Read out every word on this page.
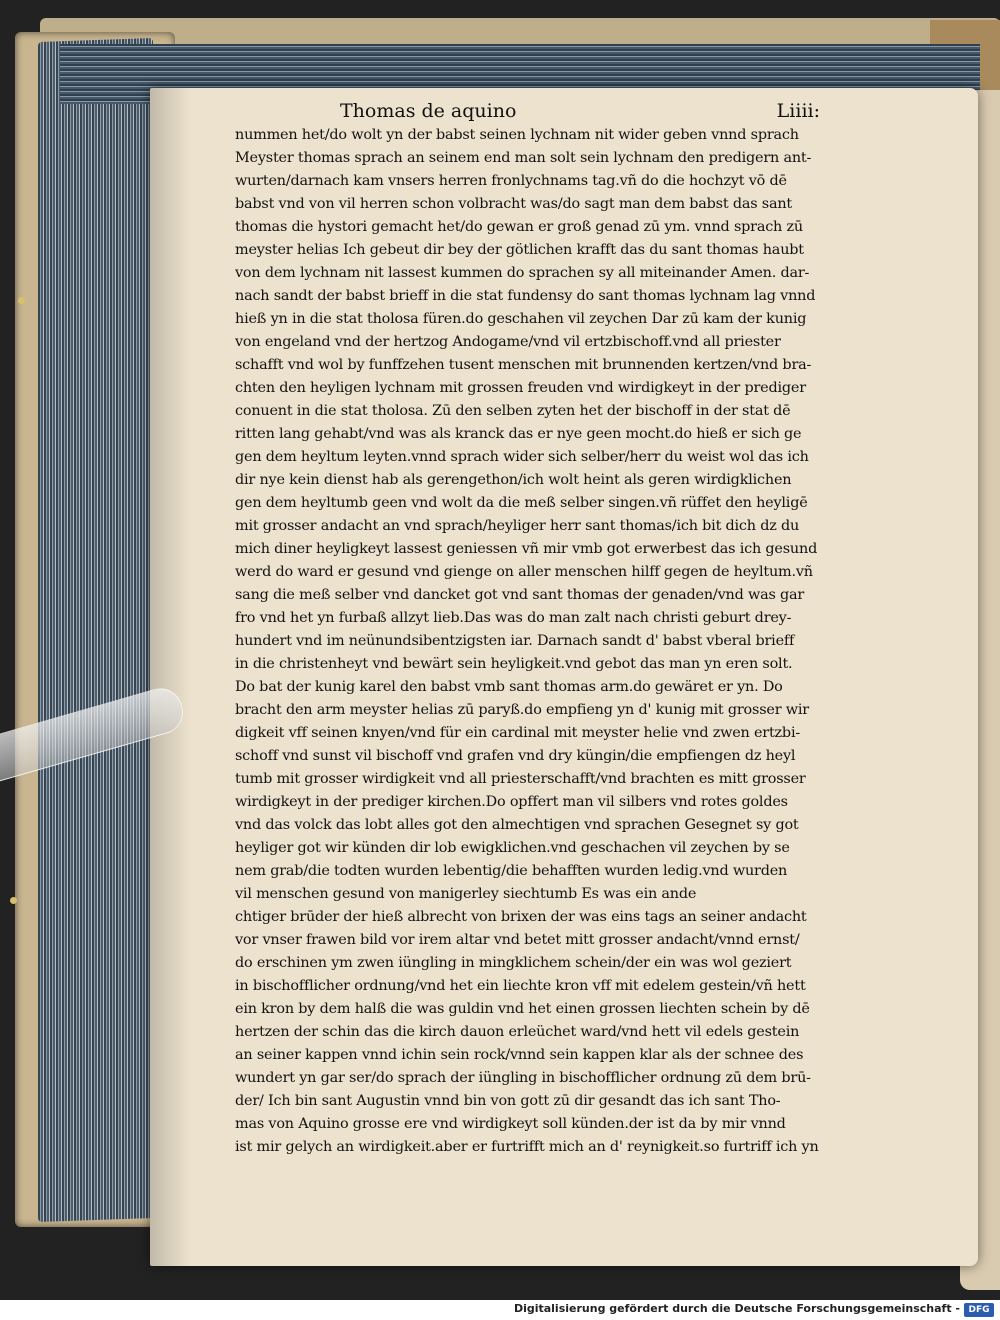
Thomas de aquino	Liiii:
nummen het/do wolt yn der babst seinen lychnam nit wider geben vnnd sprach
Meyster thomas sprach an seinem end man solt sein lychnam den predigern ant-
wurten/darnach kam vnsers herren fronlychnams tag.vñ do die hochzyt vō dē
babst vnd von vil herren schon volbracht was/do sagt man dem babst das sant
thomas die hystori gemacht het/do gewan er groß genad zū ym. vnnd sprach zū
meyster helias Ich gebeut dir bey der götlichen krafft das du sant thomas haubt
von dem lychnam nit lassest kummen do sprachen sy all miteinander Amen. dar-
nach sandt der babst brieff in die stat fundensy do sant thomas lychnam lag vnnd
hieß yn in die stat tholosa füren.do geschahen vil zeychen Dar zū kam der kunig
von engeland vnd der hertzog Andogame/vnd vil ertzbischoff.vnd all priester
schafft vnd wol by funffzehen tusent menschen mit brunnenden kertzen/vnd bra-
chten den heyligen lychnam mit grossen freuden vnd wirdigkeyt in der prediger
conuent in die stat tholosa. Zū den selben zyten het der bischoff in der stat dē
ritten lang gehabt/vnd was als kranck das er nye geen mocht.do hieß er sich ge
gen dem heyltum leyten.vnnd sprach wider sich selber/herr du weist wol das ich
dir nye kein dienst hab als gerengethon/ich wolt heint als geren wirdigklichen
gen dem heyltumb geen vnd wolt da die meß selber singen.vñ rüffet den heyligē
mit grosser andacht an vnd sprach/heyliger herr sant thomas/ich bit dich dz du
mich diner heyligkeyt lassest geniessen vñ mir vmb got erwerbest das ich gesund
werd do ward er gesund vnd gienge on aller menschen hilff gegen de heyltum.vñ
sang die meß selber vnd dancket got vnd sant thomas der genaden/vnd was gar
fro vnd het yn furbaß allzyt lieb.Das was do man zalt nach christi geburt drey-
hundert vnd im neünundsibentzigsten iar. Darnach sandt d' babst vberal brieff
in die christenheyt vnd bewärt sein heyligkeit.vnd gebot das man yn eren solt.
Do bat der kunig karel den babst vmb sant thomas arm.do gewäret er yn. Do
bracht den arm meyster helias zū paryß.do empfieng yn d' kunig mit grosser wir
digkeit vff seinen knyen/vnd für ein cardinal mit meyster helie vnd zwen ertzbi-
schoff vnd sunst vil bischoff vnd grafen vnd dry küngin/die empfiengen dz heyl
tumb mit grosser wirdigkeit vnd all priesterschafft/vnd brachten es mitt grosser
wirdigkeyt in der prediger kirchen.Do opffert man vil silbers vnd rotes goldes
vnd das volck das lobt alles got den almechtigen vnd sprachen Gesegnet sy got
heyliger got wir künden dir lob ewigklichen.vnd geschachen vil zeychen by se
nem grab/die todten wurden lebentig/die behafften wurden ledig.vnd wurden
vil menschen gesund von manigerley siechtumb Es was ein ande
chtiger brūder der hieß albrecht von brixen der was eins tags an seiner andacht
vor vnser frawen bild vor irem altar vnd betet mitt grosser andacht/vnnd ernst/
do erschinen ym zwen iüngling in mingklichem schein/der ein was wol geziert
in bischofflicher ordnung/vnd het ein liechte kron vff mit edelem gestein/vñ hett
ein kron by dem halß die was guldin vnd het einen grossen liechten schein by dē
hertzen der schin das die kirch dauon erleüchet ward/vnd hett vil edels gestein
an seiner kappen vnnd ichin sein rock/vnnd sein kappen klar als der schnee des
wundert yn gar ser/do sprach der iüngling in bischofflicher ordnung zū dem brū-
der/ Ich bin sant Augustin vnnd bin von gott zū dir gesandt das ich sant Tho-
mas von Aquino grosse ere vnd wirdigkeyt soll künden.der ist da by mir vnnd
ist mir gelych an wirdigkeit.aber er furtrifft mich an d' reynigkeit.so furtriff ich yn
Digitalisierung gefördert durch die Deutsche Forschungsgemeinschaft - DFG
